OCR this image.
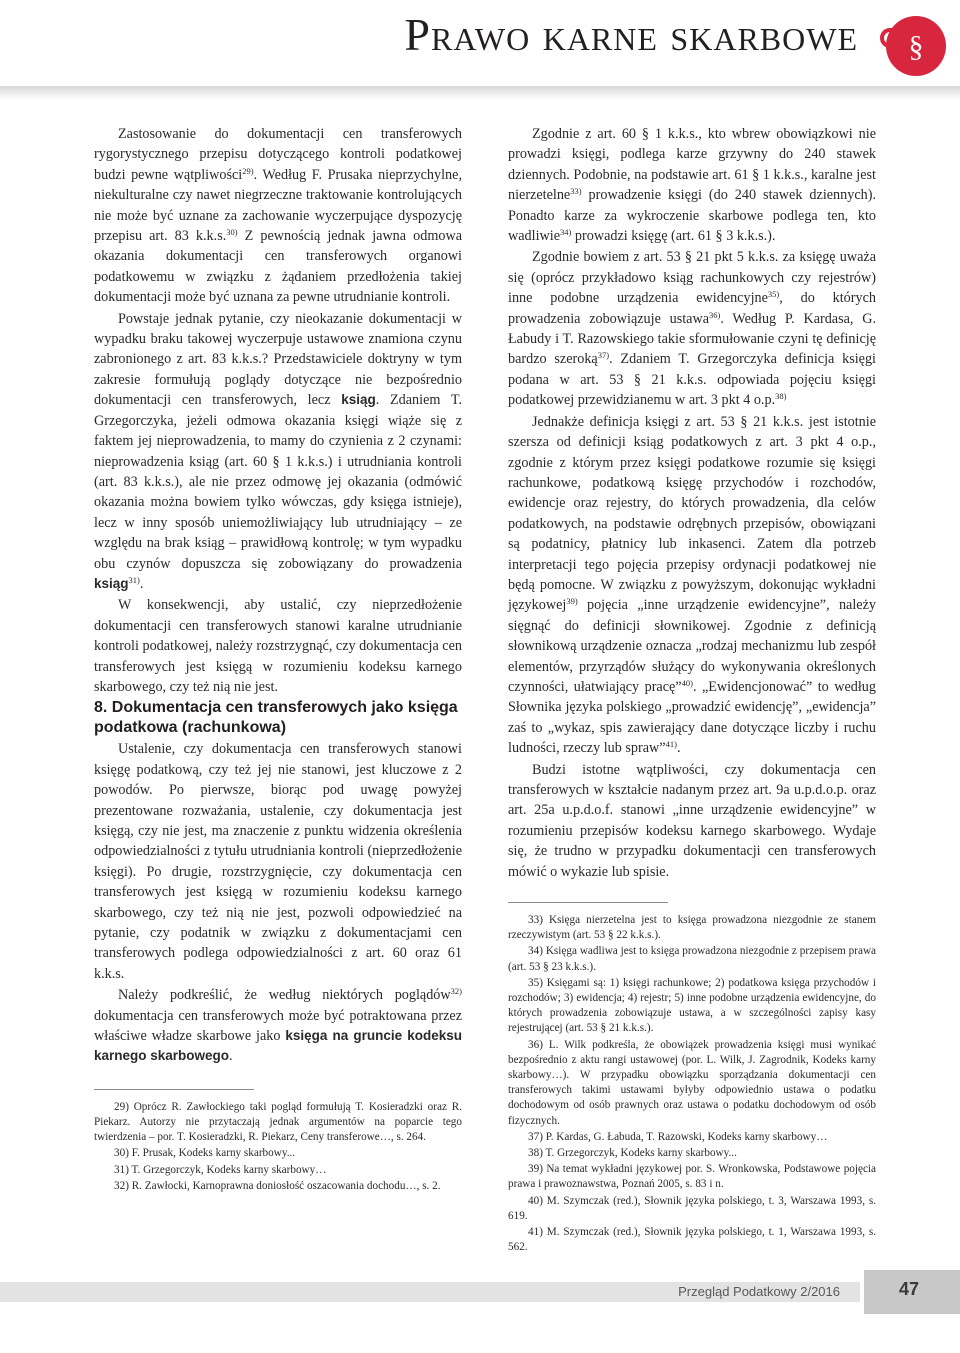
Prawo karne skarbowe §

Zastosowanie do dokumentacji cen transferowych rygorystycznego przepisu dotyczącego kontroli podatkowej budzi pewne wątpliwości$^{29)}$. Według F. Prusaka nieprzychylne, niekulturalne czy nawet niegrzeczne traktowanie kontrolujących nie może być uznane za zachowanie wyczerpujące dyspozycję przepisu art. 83 k.k.s.$^{30)}$ Z pewnością jednak jawna odmowa okazania dokumentacji cen transferowych organowi podatkowemu w związku z żądaniem przedłożenia takiej dokumentacji może być uznana za pewne utrudnianie kontroli.

Powstaje jednak pytanie, czy nieokazanie dokumentacji w wypadku braku takowej wyczerpuje ustawowe znamiona czynu zabronionego z art. 83 k.k.s.? Przedstawiciele doktryny w tym zakresie formułują poglądy dotyczące nie bezpośrednio dokumentacji cen transferowych, lecz ksiąg. Zdaniem T. Grzegorczyka, jeżeli odmowa okazania księgi wiąże się z faktem jej nieprowadzenia, to mamy do czynienia z 2 czynami: nieprowadzenia ksiąg (art. 60 § 1 k.k.s.) i utrudniania kontroli (art. 83 k.k.s.), ale nie przez odmowę jej okazania (odmówić okazania można bowiem tylko wówczas, gdy księga istnieje), lecz w inny sposób uniemożliwiający lub utrudniający – ze względu na brak ksiąg – prawidłową kontrolę; w tym wypadku obu czynów dopuszcza się zobowiązany do prowadzenia ksiąg$^{31)}$.

W konsekwencji, aby ustalić, czy nieprzedłożenie dokumentacji cen transferowych stanowi karalne utrudnianie kontroli podatkowej, należy rozstrzygnąć, czy dokumentacja cen transferowych jest księgą w rozumieniu kodeksu karnego skarbowego, czy też nią nie jest.

8. Dokumentacja cen transferowych jako księga podatkowa (rachunkowa)

Ustalenie, czy dokumentacja cen transferowych stanowi księgę podatkową, czy też jej nie stanowi, jest kluczowe z 2 powodów. Po pierwsze, biorąc pod uwagę powyżej prezentowane rozważania, ustalenie, czy dokumentacja jest księgą, czy nie jest, ma znaczenie z punktu widzenia określenia odpowiedzialności z tytułu utrudniania kontroli (nieprzedłożenie księgi). Po drugie, rozstrzygnięcie, czy dokumentacja cen transferowych jest księgą w rozumieniu kodeksu karnego skarbowego, czy też nią nie jest, pozwoli odpowiedzieć na pytanie, czy podatnik w związku z dokumentacjami cen transferowych podlega odpowiedzialności z art. 60 oraz 61 k.k.s.

Należy podkreślić, że według niektórych poglądów$^{32)}$ dokumentacja cen transferowych może być potraktowana przez właściwe władze skarbowe jako księga na gruncie kodeksu karnego skarbowego.

29) Oprócz R. Zawłockiego taki pogląd formułują T. Kosieradzki oraz R. Piekarz. Autorzy nie przytaczają jednak argumentów na poparcie tego twierdzenia – por. T. Kosieradzki, R. Piekarz, Ceny transferowe…, s. 264.

30) F. Prusak, Kodeks karny skarbowy...

31) T. Grzegorczyk, Kodeks karny skarbowy…

32) R. Zawłocki, Karnoprawna doniosłość oszacowania dochodu…, s. 2.

Zgodnie z art. 60 § 1 k.k.s., kto wbrew obowiązkowi nie prowadzi księgi, podlega karze grzywny do 240 stawek dziennych. Podobnie, na podstawie art. 61 § 1 k.k.s., karalne jest nierzetelne$^{33)}$ prowadzenie księgi (do 240 stawek dziennych). Ponadto karze za wykroczenie skarbowe podlega ten, kto wadliwie$^{34)}$ prowadzi księgę (art. 61 § 3 k.k.s.).

Zgodnie bowiem z art. 53 § 21 pkt 5 k.k.s. za księgę uważa się (oprócz przykładowo ksiąg rachunkowych czy rejestrów) inne podobne urządzenia ewidencyjne$^{35)}$, do których prowadzenia zobowiązuje ustawa$^{36)}$. Według P. Kardasa, G. Łabudy i T. Razowskiego takie sformułowanie czyni tę definicję bardzo szeroką$^{37)}$. Zdaniem T. Grzegorczyka definicja księgi podana w art. 53 § 21 k.k.s. odpowiada pojęciu księgi podatkowej przewidzianemu w art. 3 pkt 4 o.p.$^{38)}$

Jednakże definicja księgi z art. 53 § 21 k.k.s. jest istotnie szersza od definicji ksiąg podatkowych z art. 3 pkt 4 o.p., zgodnie z którym przez księgi podatkowe rozumie się księgi rachunkowe, podatkową księgę przychodów i rozchodów, ewidencje oraz rejestry, do których prowadzenia, dla celów podatkowych, na podstawie odrębnych przepisów, obowiązani są podatnicy, płatnicy lub inkasenci. Zatem dla potrzeb interpretacji tego pojęcia przepisy ordynacji podatkowej nie będą pomocne. W związku z powyższym, dokonując wykładni językowej$^{39)}$ pojęcia „inne urządzenie ewidencyjne”, należy sięgnąć do definicji słownikowej. Zgodnie z definicją słownikową urządzenie oznacza „rodzaj mechanizmu lub zespół elementów, przyrządów służący do wykonywania określonych czynności, ułatwiający pracę”$^{40)}$. „Ewidencjonować” to według Słownika języka polskiego „prowadzić ewidencję”, „ewidencja” zaś to „wykaz, spis zawierający dane dotyczące liczby i ruchu ludności, rzeczy lub spraw”$^{41)}$.

Budzi istotne wątpliwości, czy dokumentacja cen transferowych w kształcie nadanym przez art. 9a u.p.d.o.p. oraz art. 25a u.p.d.o.f. stanowi „inne urządzenie ewidencyjne” w rozumieniu przepisów kodeksu karnego skarbowego. Wydaje się, że trudno w przypadku dokumentacji cen transferowych mówić o wykazie lub spisie.

33) Księga nierzetelna jest to księga prowadzona niezgodnie ze stanem rzeczywistym (art. 53 § 22 k.k.s.).

34) Księga wadliwa jest to księga prowadzona niezgodnie z przepisem prawa (art. 53 § 23 k.k.s.).

35) Księgami są: 1) księgi rachunkowe; 2) podatkowa księga przychodów i rozchodów; 3) ewidencja; 4) rejestr; 5) inne podobne urządzenia ewidencyjne, do których prowadzenia zobowiązuje ustawa, a w szczególności zapisy kasy rejestrującej (art. 53 § 21 k.k.s.).

36) L. Wilk podkreśla, że obowiązek prowadzenia księgi musi wynikać bezpośrednio z aktu rangi ustawowej (por. L. Wilk, J. Zagrodnik, Kodeks karny skarbowy…). W przypadku obowiązku sporządzania dokumentacji cen transferowych takimi ustawami byłyby odpowiednio ustawa o podatku dochodowym od osób prawnych oraz ustawa o podatku dochodowym od osób fizycznych.

37) P. Kardas, G. Łabuda, T. Razowski, Kodeks karny skarbowy…

38) T. Grzegorczyk, Kodeks karny skarbowy...

39) Na temat wykładni językowej por. S. Wronkowska, Podstawowe pojęcia prawa i prawoznawstwa, Poznań 2005, s. 83 i n.

40) M. Szymczak (red.), Słownik języka polskiego, t. 3, Warszawa 1993, s. 619.

41) M. Szymczak (red.), Słownik języka polskiego, t. 1, Warszawa 1993, s. 562.

Przegląd Podatkowy 2/2016	47
